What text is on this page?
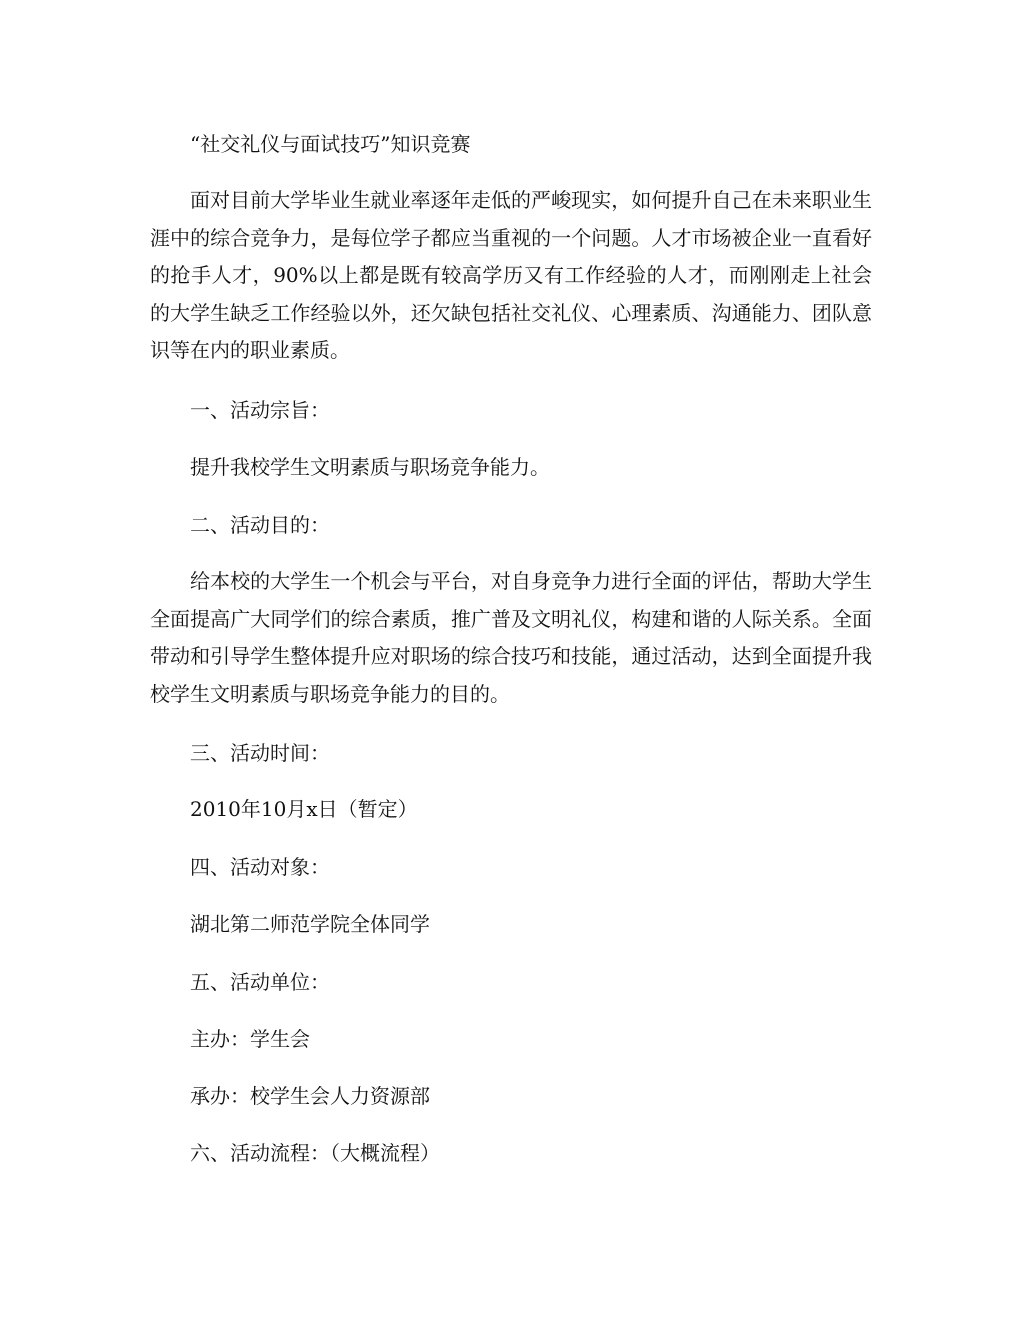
“社交礼仪与面试技巧”知识竞赛
面对目前大学毕业生就业率逐年走低的严峻现实，如何提升自己在未来职业生涯中的综合竞争力，是每位学子都应当重视的一个问题。人才市场被企业一直看好的抢手人才，90%以上都是既有较高学历又有工作经验的人才，而刚刚走上社会的大学生缺乏工作经验以外，还欠缺包括社交礼仪、心理素质、沟通能力、团队意识等在内的职业素质。
一、活动宗旨：
提升我校学生文明素质与职场竞争能力。
二、活动目的：
给本校的大学生一个机会与平台，对自身竞争力进行全面的评估，帮助大学生全面提高广大同学们的综合素质，推广普及文明礼仪，构建和谐的人际关系。全面带动和引导学生整体提升应对职场的综合技巧和技能，通过活动，达到全面提升我校学生文明素质与职场竞争能力的目的。
三、活动时间：
2010年10月x日（暂定）
四、活动对象：
湖北第二师范学院全体同学
五、活动单位：
主办：学生会
承办：校学生会人力资源部
六、活动流程：（大概流程）
